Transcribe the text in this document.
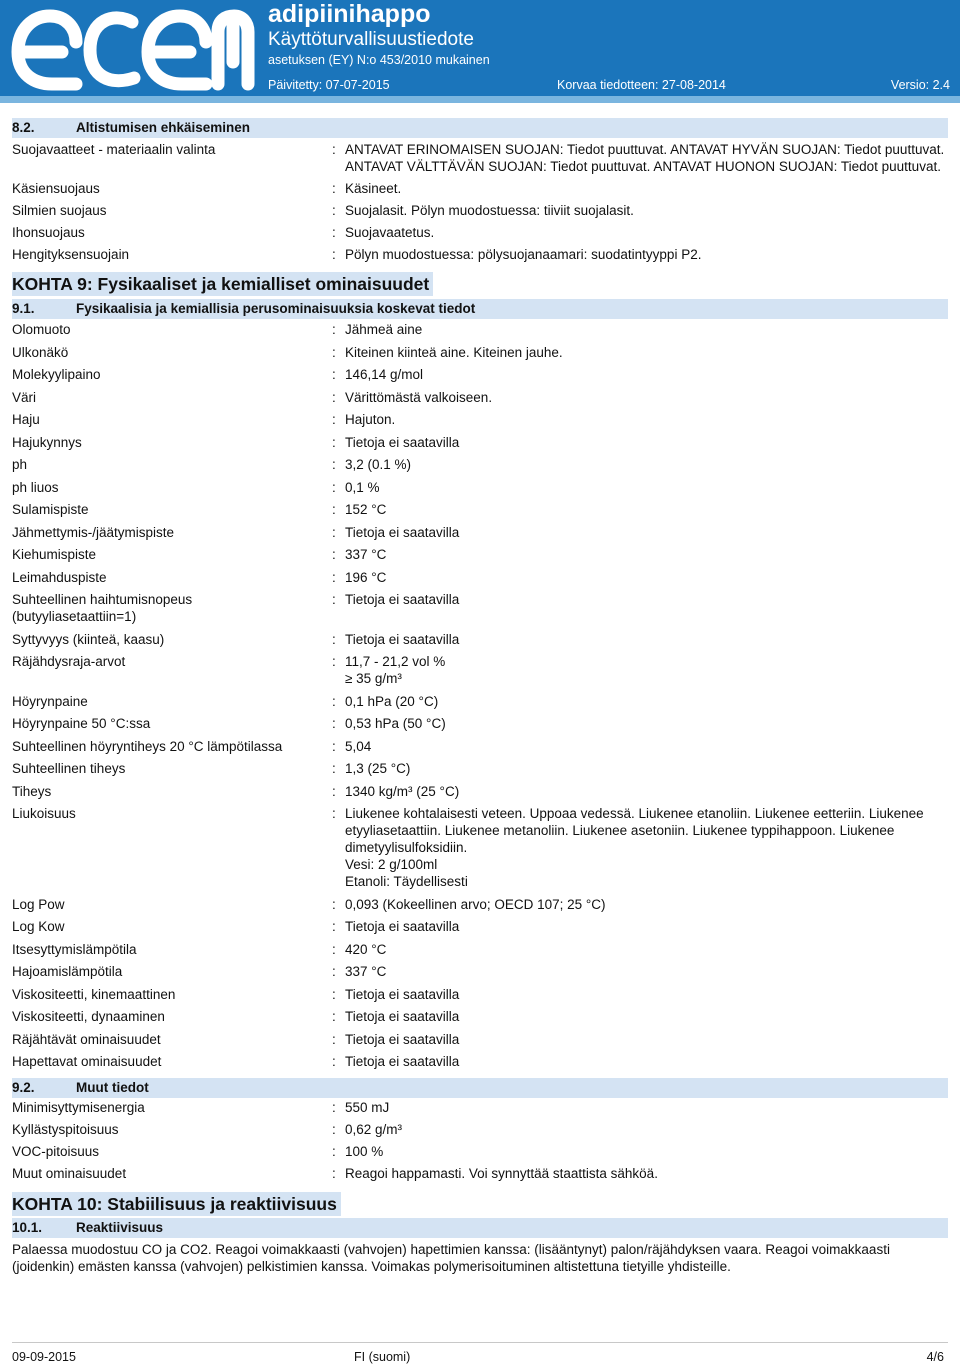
adipiinihappo
Käyttöturvallisuustiedote
asetuksen (EY) N:o 453/2010 mukainen
Päivitetty: 07-07-2015	Korvaa tiedotteen: 27-08-2014	Versio: 2.4
8.2.	Altistumisen ehkäiseminen
Suojavaatteet - materiaalin valinta	: ANTAVAT ERINOMAISEN SUOJAN: Tiedot puuttuvat. ANTAVAT HYVÄN SUOJAN: Tiedot puuttuvat. ANTAVAT VÄLTTÄVÄN SUOJAN: Tiedot puuttuvat. ANTAVAT HUONON SUOJAN: Tiedot puuttuvat.
Käsiensuojaus	: Käsineet.
Silmien suojaus	: Suojalasit. Pölyn muodostuessa: tiiviit suojalasit.
Ihonsuojaus	: Suojavaatetus.
Hengityksensuojain	: Pölyn muodostuessa: pölysuojanaamari: suodatintyyppi P2.
KOHTA 9: Fysikaaliset ja kemialliset ominaisuudet
9.1.	Fysikaalisia ja kemiallisia perusominaisuuksia koskevat tiedot
Olomuoto	: Jähmeä aine
Ulkonäkö	: Kiteinen kiinteä aine. Kiteinen jauhe.
Molekyylipaino	: 146,14 g/mol
Väri	: Värittömästä valkoiseen.
Haju	: Hajuton.
Hajukynnys	: Tietoja ei saatavilla
ph	: 3,2 (0.1 %)
ph liuos	: 0,1 %
Sulamispiste	: 152 °C
Jähmettymis-/jäätymispiste	: Tietoja ei saatavilla
Kiehumispiste	: 337 °C
Leimahduspiste	: 196 °C
Suhteellinen haihtumisnopeus (butyyliasetaattiin=1)
: Tietoja ei saatavilla
Syttyvyys (kiinteä, kaasu)	: Tietoja ei saatavilla
Räjähdysraja-arvot	: 11,7 - 21,2 vol %
≥ 35 g/m³
Höyrynpaine	: 0,1 hPa (20 °C)
Höyrynpaine 50 °C:ssa	: 0,53 hPa (50 °C)
Suhteellinen höyryntiheys 20 °C lämpötilassa	: 5,04
Suhteellinen tiheys	: 1,3 (25 °C)
Tiheys	: 1340 kg/m³ (25 °C)
Liukoisuus	: Liukenee kohtalaisesti veteen. Uppoaa vedessä. Liukenee etanoliin. Liukenee eetteriin. Liukenee etyyliasetaattiin. Liukenee metanoliin. Liukenee asetoniin. Liukenee typpihappoon. Liukenee dimetyylisulfoksidiin.
Vesi: 2 g/100ml
Etanoli: Täydellisesti
Log Pow	: 0,093 (Kokeellinen arvo; OECD 107; 25 °C)
Log Kow	: Tietoja ei saatavilla
Itsesyttymislämpötila	: 420 °C
Hajoamislämpötila	: 337 °C
Viskositeetti, kinemaattinen	: Tietoja ei saatavilla
Viskositeetti, dynaaminen	: Tietoja ei saatavilla
Räjähtävät ominaisuudet	: Tietoja ei saatavilla
Hapettavat ominaisuudet	: Tietoja ei saatavilla
9.2.	Muut tiedot
Minimisyttymisenergia	: 550 mJ
Kyllästyspitoisuus	: 0,62 g/m³
VOC-pitoisuus	: 100 %
Muut ominaisuudet	: Reagoi happamasti. Voi synnyttää staattista sähköä.
KOHTA 10: Stabiilisuus ja reaktiivisuus
10.1.	Reaktiivisuus
Palaessa muodostuu CO ja CO2. Reagoi voimakkaasti (vahvojen) hapettimien kanssa: (lisääntynyt) palon/räjähdyksen vaara. Reagoi voimakkaasti (joidenkin) emästen kanssa (vahvojen) pelkistimien kanssa. Voimakas polymerisoituminen altistettuna tietyille yhdisteille.
09-09-2015	FI (suomi)	4/6
